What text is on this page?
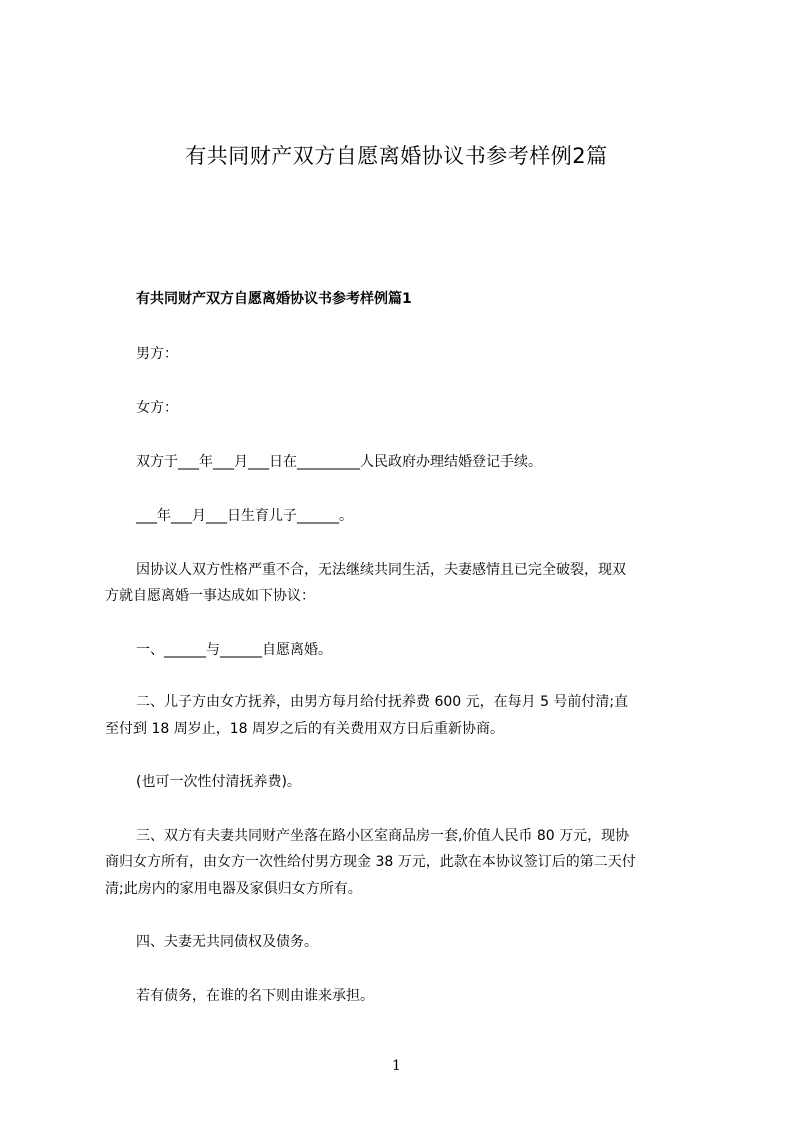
有共同财产双方自愿离婚协议书参考样例2篇
有共同财产双方自愿离婚协议书参考样例篇1
男方：
女方：
双方于___年___月___日在_________人民政府办理结婚登记手续。
___年___月___日生育儿子______。
因协议人双方性格严重不合，无法继续共同生活，夫妻感情且已完全破裂，现双
方就自愿离婚一事达成如下协议：
一、______与______自愿离婚。
二、儿子方由女方抚养，由男方每月给付抚养费 600 元，在每月 5 号前付清;直
至付到 18 周岁止，18 周岁之后的有关费用双方日后重新协商。
(也可一次性付清抚养费)。
三、双方有夫妻共同财产坐落在路小区室商品房一套,价值人民币 80 万元，现协
商归女方所有，由女方一次性给付男方现金 38 万元，此款在本协议签订后的第二天付
清;此房内的家用电器及家俱归女方所有。
四、夫妻无共同债权及债务。
若有债务，在谁的名下则由谁来承担。
1
